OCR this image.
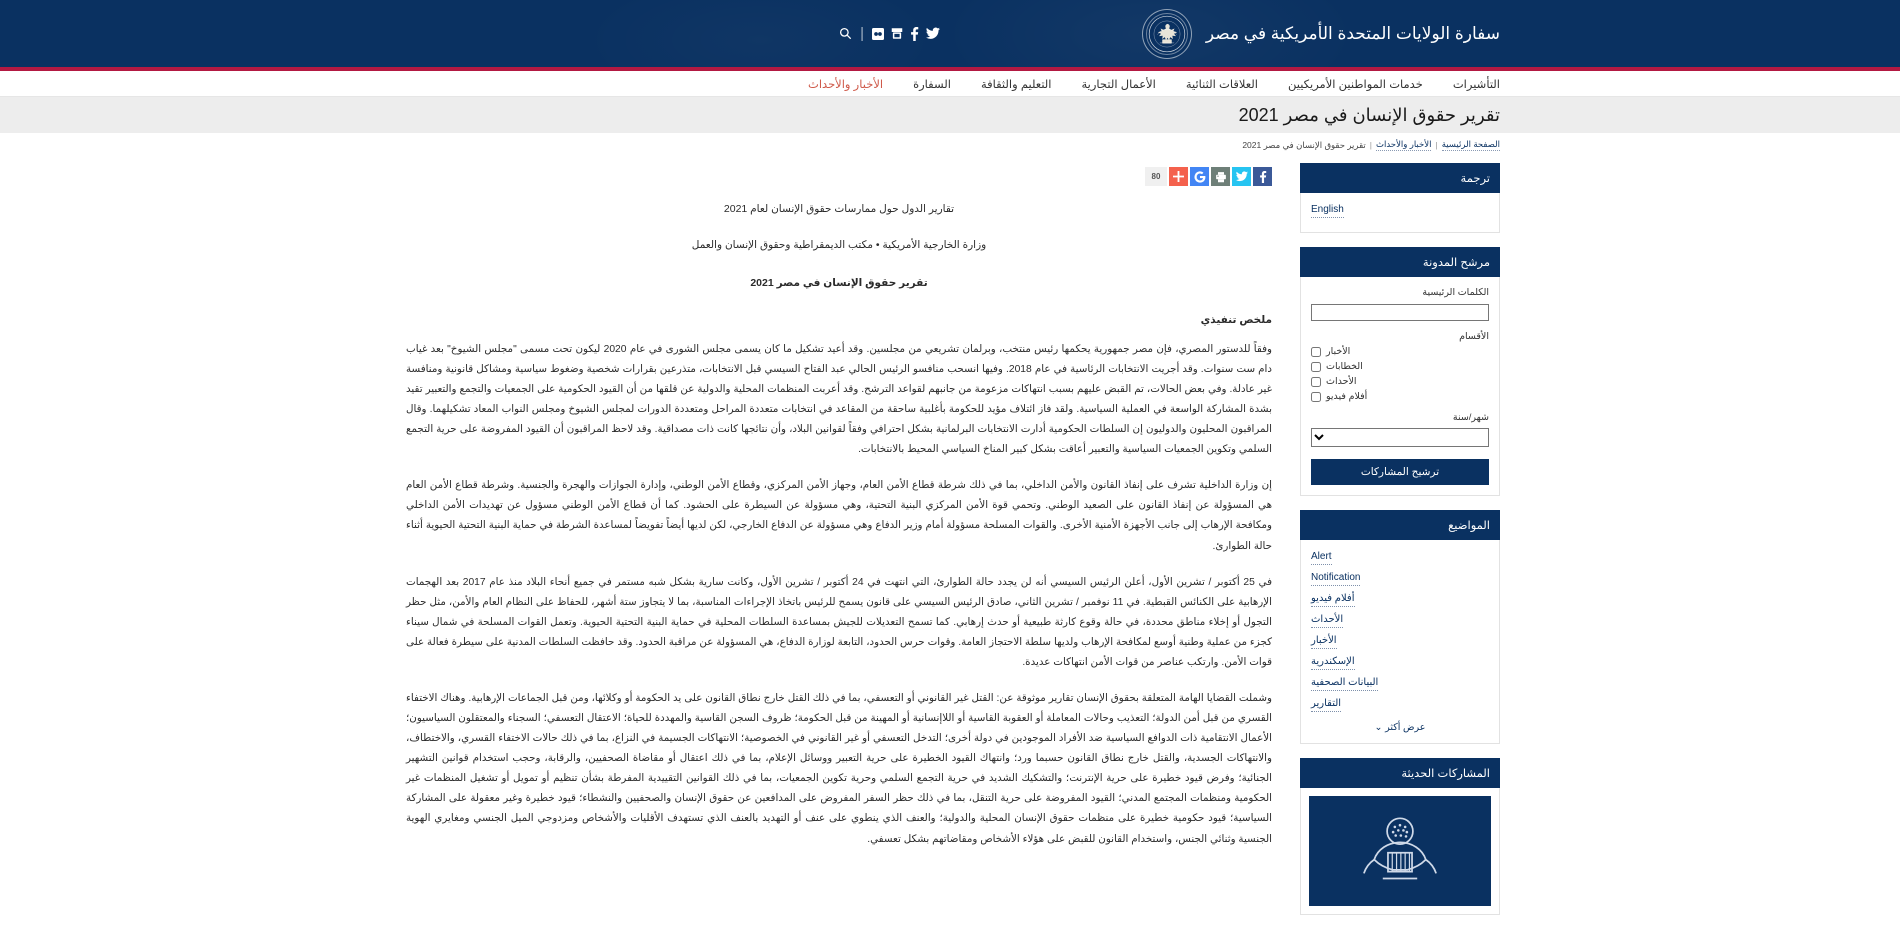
سفارة الولايات المتحدة الأمريكية في مصر
|
التأشيرات
خدمات المواطنين الأمريكيين
العلاقات الثنائية
الأعمال التجارية
التعليم والثقافة
السفارة
الأخبار والأحداث
تقرير حقوق الإنسان في مصر 2021
الصفحة الرئيسية
|
الأخبار والأحداث
|
تقرير حقوق الإنسان في مصر 2021
80

تقارير الدول حول ممارسات حقوق الإنسان لعام 2021

وزارة الخارجية الأمريكية • مكتب الديمقراطية وحقوق الإنسان والعمل

تقرير حقوق الإنسان في مصر 2021

ملخص تنفيذي

وفقاً للدستور المصري، فإن مصر جمهورية يحكمها رئيس منتخب، وبرلمان تشريعي من مجلسين. وقد أعيد تشكيل ما كان يسمى مجلس الشورى في عام 2020 ليكون تحت مسمى "مجلس الشيوخ" بعد غياب دام ست سنوات. وقد أجريت الانتخابات الرئاسية في عام 2018. وفيها انسحب منافسو الرئيس الحالي عبد الفتاح السيسي قبل الانتخابات، متذرعين بقرارات شخصية وضغوط سياسية ومشاكل قانونية ومنافسة غير عادلة. وفي بعض الحالات، تم القبض عليهم بسبب انتهاكات مزعومة من جانبهم لقواعد الترشح. وقد أعربت المنظمات المحلية والدولية عن قلقها من أن القيود الحكومية على الجمعيات والتجمع والتعبير تقيد بشدة المشاركة الواسعة في العملية السياسية. ولقد فاز ائتلاف مؤيد للحكومة بأغلبية ساحقة من المقاعد في انتخابات متعددة المراحل ومتعددة الدورات لمجلس الشيوخ ومجلس النواب المعاد تشكيلهما. وقال المراقبون المحليون والدوليون إن السلطات الحكومية أدارت الانتخابات البرلمانية بشكل احترافي وفقاً لقوانين البلاد، وأن نتائجها كانت ذات مصداقية. وقد لاحظ المراقبون أن القيود المفروضة على حرية التجمع السلمي وتكوين الجمعيات السياسية والتعبير أعاقت بشكل كبير المناخ السياسي المحيط بالانتخابات.

إن وزارة الداخلية تشرف على إنفاذ القانون والأمن الداخلي، بما في ذلك شرطة قطاع الأمن العام، وجهاز الأمن المركزي، وقطاع الأمن الوطني، وإدارة الجوازات والهجرة والجنسية. وشرطة قطاع الأمن العام هي المسؤولة عن إنفاذ القانون على الصعيد الوطني. وتحمي قوة الأمن المركزي البنية التحتية، وهي مسؤولة عن السيطرة على الحشود. كما أن قطاع الأمن الوطني مسؤول عن تهديدات الأمن الداخلي ومكافحة الإرهاب إلى جانب الأجهزة الأمنية الأخرى. والقوات المسلحة مسؤولة أمام وزير الدفاع وهي مسؤولة عن الدفاع الخارجي، لكن لديها أيضاً تفويضاً لمساعدة الشرطة في حماية البنية التحتية الحيوية أثناء حالة الطوارئ.

في 25 أكتوبر / تشرين الأول، أعلن الرئيس السيسي أنه لن يجدد حالة الطوارئ، التي انتهت في 24 أكتوبر / تشرين الأول، وكانت سارية بشكل شبه مستمر في جميع أنحاء البلاد منذ عام 2017 بعد الهجمات الإرهابية على الكنائس القبطية. في 11 نوفمبر / تشرين الثاني، صادق الرئيس السيسي على قانون يسمح للرئيس باتخاذ الإجراءات المناسبة، بما لا يتجاوز ستة أشهر، للحفاظ على النظام العام والأمن، مثل حظر التجول أو إخلاء مناطق محددة، في حالة وقوع كارثة طبيعية أو حدث إرهابي. كما تسمح التعديلات للجيش بمساعدة السلطات المحلية في حماية البنية التحتية الحيوية. وتعمل القوات المسلحة في شمال سيناء كجزء من عملية وطنية أوسع لمكافحة الإرهاب ولديها سلطة الاحتجاز العامة. وقوات حرس الحدود، التابعة لوزارة الدفاع، هي المسؤولة عن مراقبة الحدود. وقد حافظت السلطات المدنية على سيطرة فعالة على قوات الأمن. وارتكب عناصر من قوات الأمن انتهاكات عديدة.

وشملت القضايا الهامة المتعلقة بحقوق الإنسان تقارير موثوقة عن: القتل غير القانوني أو التعسفي، بما في ذلك القتل خارج نطاق القانون على يد الحكومة أو وكلائها، ومن قبل الجماعات الإرهابية. وهناك الاختفاء القسري من قبل أمن الدولة؛ التعذيب وحالات المعاملة أو العقوبة القاسية أو اللاإنسانية أو المهينة من قبل الحكومة؛ ظروف السجن القاسية والمهددة للحياة؛ الاعتقال التعسفي؛ السجناء والمعتقلون السياسيون؛ الأعمال الانتقامية ذات الدوافع السياسية ضد الأفراد الموجودين في دولة أخرى؛ التدخل التعسفي أو غير القانوني في الخصوصية؛ الانتهاكات الجسيمة في النزاع، بما في ذلك حالات الاختفاء القسري، والاختطاف، والانتهاكات الجسدية، والقتل خارج نطاق القانون حسبما ورد؛ وانتهاك القيود الخطيرة على حرية التعبير ووسائل الإعلام، بما في ذلك اعتقال أو مقاضاة الصحفيين، والرقابة، وحجب استخدام قوانين التشهير الجنائية؛ وفرض قيود خطيرة على حرية الإنترنت؛ والتشكيك الشديد في حرية التجمع السلمي وحرية تكوين الجمعيات، بما في ذلك القوانين التقييدية المفرطة بشأن تنظيم أو تمويل أو تشغيل المنظمات غير الحكومية ومنظمات المجتمع المدني؛ القيود المفروضة على حرية التنقل، بما في ذلك حظر السفر المفروض على المدافعين عن حقوق الإنسان والصحفيين والنشطاء؛ قيود خطيرة وغير معقولة على المشاركة السياسية؛ قيود حكومية خطيرة على منظمات حقوق الإنسان المحلية والدولية؛ والعنف الذي ينطوي على عنف أو التهديد بالعنف الذي تستهدف الأقليات والأشخاص ومزدوجي الميل الجنسي ومغايري الهوية الجنسية وثنائي الجنس، واستخدام القانون للقبض على هؤلاء الأشخاص ومقاضاتهم بشكل تعسفي.

ترجمة
English
مرشح المدونة
الكلمات الرئيسية
الأقسام
الأخبار
الخطابات
الأحداث
أفلام فيديو
شهر/سنة
ترشيح المشاركات
المواضيع
Alert
Notification
أفلام فيديو
الأحداث
الأخبار
الإسكندرية
البيانات الصحفية
التقارير
عرض أكثر ⌄
المشاركات الحديثة
